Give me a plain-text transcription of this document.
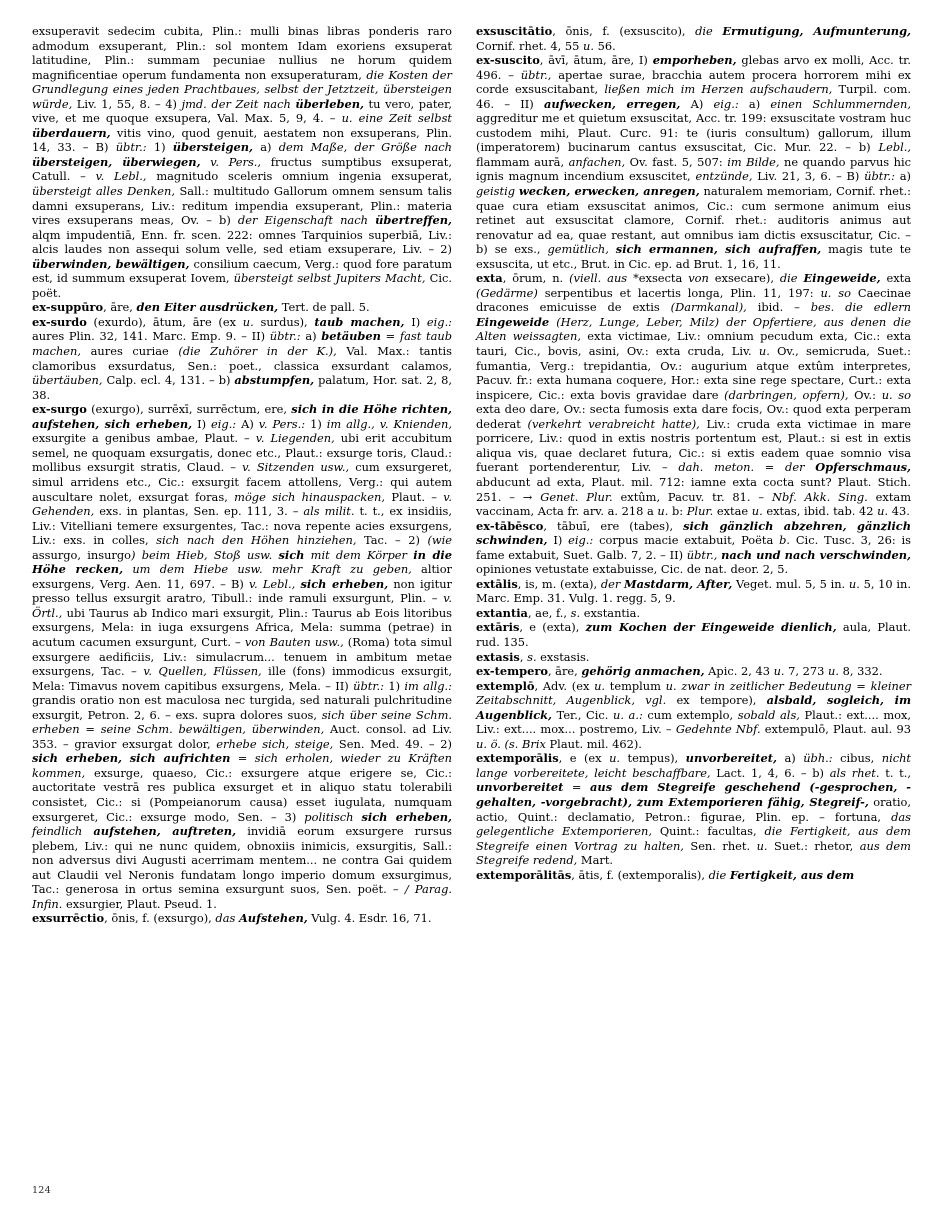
exsuperavit sedecim cubita, Plin.: mulli binas libras ponderis raro admodum exsuperant, Plin.: sol montem Idam exoriens exsuperat latitudine, Plin.: summam pecuniae nullius ne horum quidem magnificentiae operum fundamenta non exsuperaturam, die Kosten der Grundlegung eines jeden Prachtbaues, selbst der Jetztzeit, übersteigen würde, Liv. 1, 55, 8. – 4) jmd. der Zeit nach überleben, tu vero, pater, vive, et me quoque exsupera, Val. Max. 5, 9, 4. – u. eine Zeit selbst überdauern, vitis vino, quod genuit, aestatem non exsuperans, Plin. 14, 33. – B) übtr.: 1) übersteigen, a) dem Maße, der Größe nach übersteigen, überwiegen, v. Pers., fructus sumptibus exsuperat, Catull. – v. Lebl., magnitudo sceleris omnium ingenia exsuperat, übersteigt alles Denken, Sall.: multitudo Gallorum omnem sensum talis damni exsuperans, Liv.: reditum impendia exsuperant, Plin.: materia vires exsuperans meas, Ov. – b) der Eigenschaft nach übertreffen, alqm impudentiā, Enn. fr. scen. 222: omnes Tarquinios superbiā, Liv.: alcis laudes non assequi solum velle, sed etiam exsuperare, Liv. – 2) überwinden, bewältigen, consilium caecum, Verg.: quod fore paratum est, id summum exsuperat Iovem, übersteigt selbst Jupiters Macht, Cic. poët.

ex-suppūro, āre, den Eiter ausdrücken, Tert. de pall. 5.

ex-surdo (exurdo), ātum, āre (ex u. surdus), taub machen, I) eig.: aures Plin. 32, 141. Marc. Emp. 9. – II) übtr.: a) betäuben = fast taub machen, aures curiae (die Zuhörer in der K.), Val. Max.: tantis clamoribus exsurdatus, Sen.: poet., classica exsurdant calamos, übertäuben, Calp. ecl. 4, 131. – b) abstumpfen, palatum, Hor. sat. 2, 8, 38.

ex-surgo (exurgo), surrēxī, surrēctum, ere, sich in die Höhe richten, aufstehen, sich erheben, I) eig.: A) v. Pers.: 1) im allg., v. Knienden, exsurgite a genibus ambae, Plaut. – v. Liegenden, ubi erit accubitum semel, ne quoquam exsurgatis, donec etc., Plaut.: exsurge toris, Claud.: mollibus exsurgit stratis, Claud. – v. Sitzenden usw., cum exsurgeret, simul arridens etc., Cic.: exsurgit facem attollens, Verg.: qui autem auscultare nolet, exsurgat foras, möge sich hinauspacken, Plaut. – v. Gehenden, exs. in plantas, Sen. ep. 111, 3. – als milit. t. t., ex insidiis, Liv.: Vitelliani temere exsurgentes, Tac.: nova repente acies exsurgens, Liv.: exs. in colles, sich nach den Höhen hinziehen, Tac. – 2) (wie assurgo, insurgo) beim Hieb, Stoß usw. sich mit dem Körper in die Höhe recken, um dem Hiebe usw. mehr Kraft zu geben, altior exsurgens, Verg. Aen. 11, 697. – B) v. Lebl., sich erheben, non igitur presso tellus exsurgit aratro, Tibull.: inde ramuli exsurgunt, Plin. – v. Örtl., ubi Taurus ab Indico mari exsurgit, Plin.: Taurus ab Eois litoribus exsurgens, Mela: in iuga exsurgens Africa, Mela: summa (petrae) in acutum cacumen exsurgunt, Curt. – von Bauten usw., (Roma) tota simul exsurgere aedificiis, Liv.: simulacrum... tenuem in ambitum metae exsurgens, Tac. – v. Quellen, Flüssen, ille (fons) immodicus exsurgit, Mela: Timavus novem capitibus exsurgens, Mela. – II) übtr.: 1) im allg.: grandis oratio non est maculosa nec turgida, sed naturali pulchritudine exsurgit, Petron. 2, 6. – exs. supra dolores suos, sich über seine Schm. erheben = seine Schm. bewältigen, überwinden, Auct. consol. ad Liv. 353. – gravior exsurgat dolor, erhebe sich, steige, Sen. Med. 49. – 2) sich erheben, sich aufrichten = sich erholen, wieder zu Kräften kommen, exsurge, quaeso, Cic.: exsurgere atque erigere se, Cic.: auctoritate vestrā res publica exsurget et in aliquo statu tolerabili consistet, Cic.: si (Pompeianorum causa) esset iugulata, numquam exsurgeret, Cic.: exsurge modo, Sen. – 3) politisch sich erheben, feindlich aufstehen, auftreten, invidiā eorum exsurgere rursus plebem, Liv.: qui ne nunc quidem, obnoxiis inimicis, exsurgitis, Sall.: non adversus divi Augusti acerrimam mentem... ne contra Gai quidem aut Claudii vel Neronis fundatam longo imperio domum exsurgimus, Tac.: generosa in ortus semina exsurgunt suos, Sen. poët. – / Parag. Infin. exsurgier, Plaut. Pseud. 1.

exsurrēctio, ōnis, f. (exsurgo), das Aufstehen, Vulg. 4. Esdr. 16, 71.

exsuscitātio, ōnis, f. (exsuscito), die Ermutigung, Aufmunterung, Cornif. rhet. 4, 55 u. 56.

ex-suscito, āvī, ātum, āre, I) emporheben, glebas arvo ex molli, Acc. tr. 496. – übtr., apertae surae, bracchia autem procera horrorem mihi ex corde exsuscitabant, ließen mich im Herzen aufschaudern, Turpil. com. 46. – II) aufwecken, erregen, A) eig.: a) einen Schlummernden, aggreditur me et quietum exsuscitat, Acc. tr. 199: exsuscitate vostram huc custodem mihi, Plaut. Curc. 91: te (iuris consultum) gallorum, illum (imperatorem) bucinarum cantus exsuscitat, Cic. Mur. 22. – b) Lebl., flammam aurā, anfachen, Ov. fast. 5, 507: im Bilde, ne quando parvus hic ignis magnum incendium exsuscitet, entzünde, Liv. 21, 3, 6. – B) übtr.: a) geistig wecken, erwecken, anregen, naturalem memoriam, Cornif. rhet.: quae cura etiam exsuscitat animos, Cic.: cum sermone animum eius retinet aut exsuscitat clamore, Cornif. rhet.: auditoris animus aut renovatur ad ea, quae restant, aut omnibus iam dictis exsuscitatur, Cic. – b) se exs., gemütlich, sich ermannen, sich aufraffen, magis tute te exsuscita, ut etc., Brut. in Cic. ep. ad Brut. 1, 16, 11.

exta, ōrum, n. (viell. aus *exsecta von exsecare), die Eingeweide, exta (Gedärme) serpentibus et lacertis longa, Plin. 11, 197: u. so Caecinae dracones emicuisse de extis (Darmkanal), ibid. – bes. die edlern Eingeweide (Herz, Lunge, Leber, Milz) der Opfertiere, aus denen die Alten weissagten, exta victimae, Liv.: omnium pecudum exta, Cic.: exta tauri, Cic., bovis, asini, Ov.: exta cruda, Liv. u. Ov., semicruda, Suet.: fumantia, Verg.: trepidantia, Ov.: augurium atque extûm interpretes, Pacuv. fr.: exta humana coquere, Hor.: exta sine rege spectare, Curt.: exta inspicere, Cic.: exta bovis gravidae dare (darbringen, opfern), Ov.: u. so exta deo dare, Ov.: secta fumosis exta dare focis, Ov.: quod exta perperam dederat (verkehrt verabreicht hatte), Liv.: cruda exta victimae in mare porricere, Liv.: quod in extis nostris portentum est, Plaut.: si est in extis aliqua vis, quae declaret futura, Cic.: si extis eadem quae somnio visa fuerant portenderentur, Liv. – dah. meton. = der Opferschmaus, abducunt ad exta, Plaut. mil. 712: iamne exta cocta sunt? Plaut. Stich. 251. – → Genet. Plur. extûm, Pacuv. tr. 81. – Nbf. Akk. Sing. extam vaccinam, Acta fr. arv. a. 218 a u. b: Plur. extae u. extas, ibid. tab. 42 u. 43.

ex-tābēsco, tābuī, ere (tabes), sich gänzlich abzehren, gänzlich schwinden, I) eig.: corpus macie extabuit, Poëta b. Cic. Tusc. 3, 26: is fame extabuit, Suet. Galb. 7, 2. – II) übtr., nach und nach verschwinden, opiniones vetustate extabuisse, Cic. de nat. deor. 2, 5.

extālis, is, m. (exta), der Mastdarm, After, Veget. mul. 5, 5 in. u. 5, 10 in. Marc. Emp. 31. Vulg. 1. regg. 5, 9.

extantia, ae, f., s. exstantia.

extāris, e (exta), zum Kochen der Eingeweide dienlich, aula, Plaut. rud. 135.

extasis, s. exstasis.

ex-tempero, āre, gehörig anmachen, Apic. 2, 43 u. 7, 273 u. 8, 332.

extemplō, Adv. (ex u. templum u. zwar in zeitlicher Bedeutung = kleiner Zeitabschnitt, Augenblick, vgl. ex tempore), alsbald, sogleich, im Augenblick, Ter., Cic. u. a.: cum extemplo, sobald als, Plaut.: ext.... mox, Liv.: ext.... mox... postremo, Liv. – Gedehnte Nbf. extempulō, Plaut. aul. 93 u. ö. (s. Brix Plaut. mil. 462).

extemporālis, e (ex u. tempus), unvorbereitet, a) übh.: cibus, nicht lange vorbereitete, leicht beschaffbare, Lact. 1, 4, 6. – b) als rhet. t. t., unvorbereitet = aus dem Stegreife geschehend (-gesprochen, -gehalten, -vorgebracht), zum Extemporieren fähig, Stegreif-, oratio, actio, Quint.: declamatio, Petron.: figurae, Plin. ep. – fortuna, das gelegentliche Extemporieren, Quint.: facultas, die Fertigkeit, aus dem Stegreife einen Vortrag zu halten, Sen. rhet. u. Suet.: rhetor, aus dem Stegreife redend, Mart.

extemporālitās, ātis, f. (extemporalis), die Fertigkeit, aus dem

124
